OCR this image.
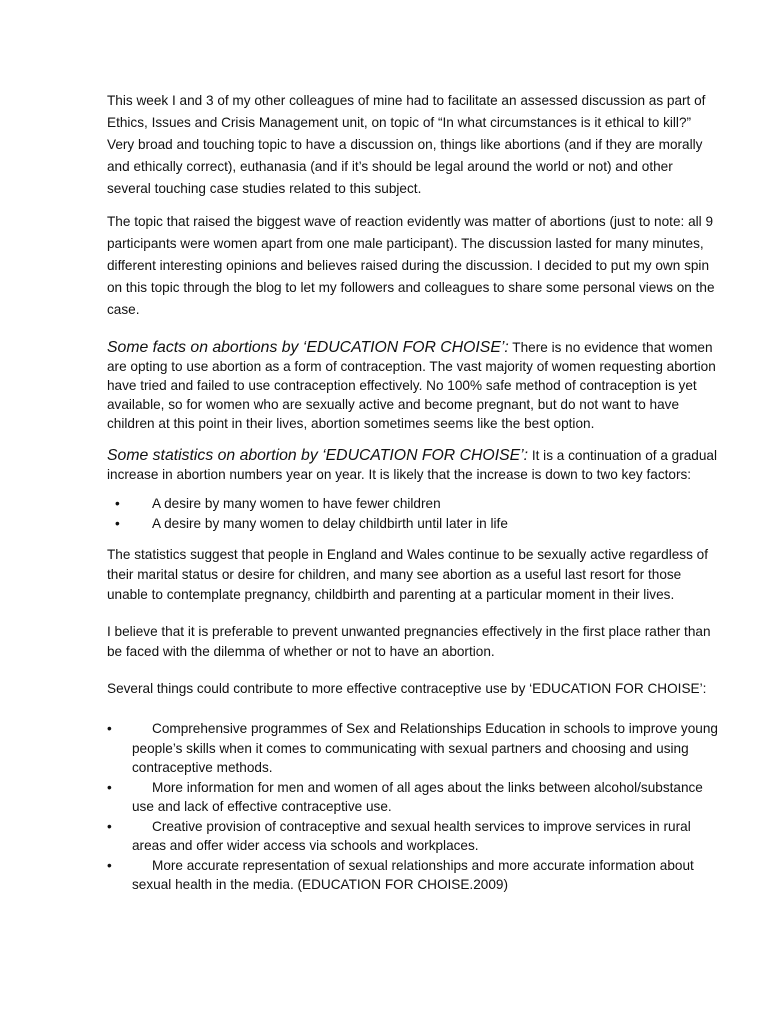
This week I and 3 of my other colleagues of mine had to facilitate an assessed discussion as part of Ethics, Issues and Crisis Management unit, on topic of “In what circumstances is it ethical to kill?” Very broad and touching topic to have a discussion on, things like abortions (and if they are morally and ethically correct), euthanasia (and if it’s should be legal around the world or not) and other several touching case studies related to this subject.

The topic that raised the biggest wave of reaction evidently was matter of abortions (just to note: all 9 participants were women apart from one male participant). The discussion lasted for many minutes, different interesting opinions and believes raised during the discussion. I decided to put my own spin on this topic through the blog to let my followers and colleagues to share some personal views on the case.

Some facts on abortions by ‘EDUCATION FOR CHOISE’: There is no evidence that women are opting to use abortion as a form of contraception. The vast majority of women requesting abortion have tried and failed to use contraception effectively. No 100% safe method of contraception is yet available, so for women who are sexually active and become pregnant, but do not want to have children at this point in their lives, abortion sometimes seems like the best option.

Some statistics on abortion by ‘EDUCATION FOR CHOISE’: It is a continuation of a gradual increase in abortion numbers year on year. It is likely that the increase is down to two key factors:

• A desire by many women to have fewer children
• A desire by many women to delay childbirth until later in life

The statistics suggest that people in England and Wales continue to be sexually active regardless of their marital status or desire for children, and many see abortion as a useful last resort for those unable to contemplate pregnancy, childbirth and parenting at a particular moment in their lives.

I believe that it is preferable to prevent unwanted pregnancies effectively in the first place rather than be faced with the dilemma of whether or not to have an abortion.

Several things could contribute to more effective contraceptive use by ‘EDUCATION FOR CHOISE’:

•	Comprehensive programmes of Sex and Relationships Education in schools to improve young people’s skills when it comes to communicating with sexual partners and choosing and using contraceptive methods.
•	More information for men and women of all ages about the links between alcohol/substance use and lack of effective contraceptive use.
•	Creative provision of contraceptive and sexual health services to improve services in rural areas and offer wider access via schools and workplaces.
•	More accurate representation of sexual relationships and more accurate information about sexual health in the media. (EDUCATION FOR CHOISE.2009)
